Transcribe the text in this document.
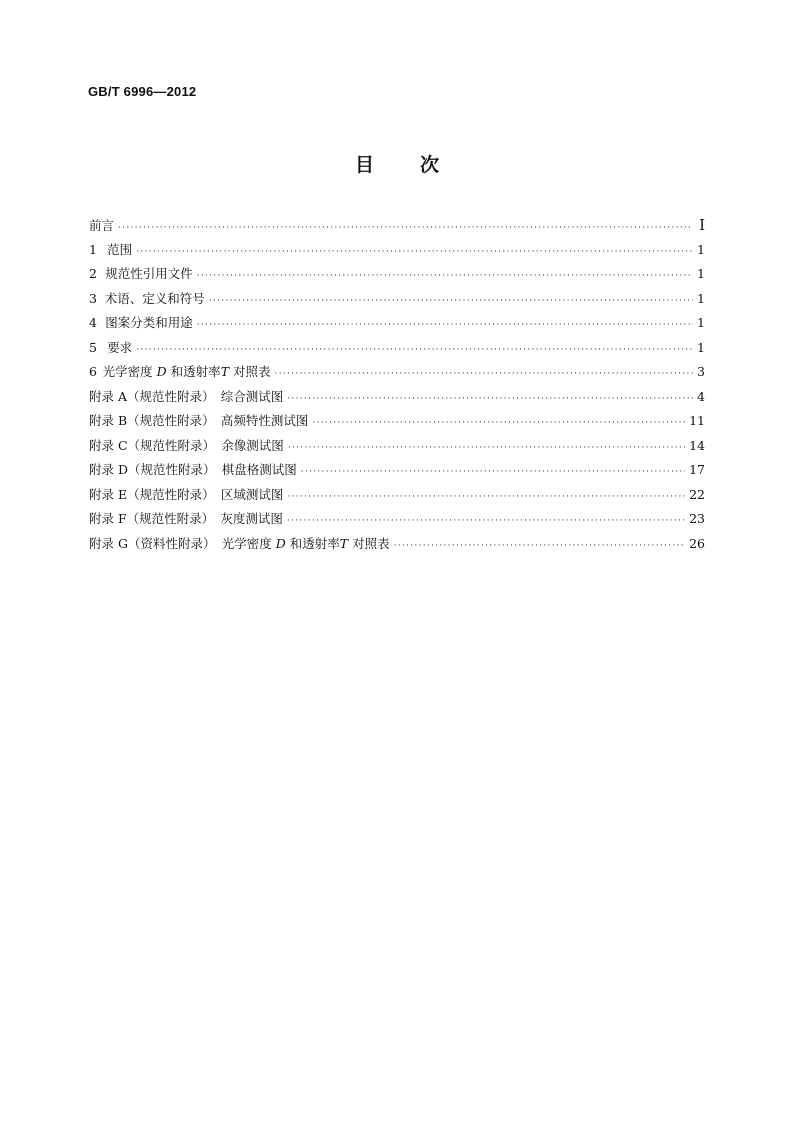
GB/T 6996—2012
目 次
前言 ·····	Ⅰ
1 范围 ·····	1
2 规范性引用文件 ·····	1
3 术语、定义和符号 ·····	1
4 图案分类和用途 ·····	1
5 要求 ·····	1
6 光学密度 D 和透射率T 对照表 ·····	3
附录 A（规范性附录）　综合测试图 ·····	4
附录 B（规范性附录）　高频特性测试图 ·····	11
附录 C（规范性附录）　余像测试图 ·····	14
附录 D（规范性附录）　棋盘格测试图 ·····	17
附录 E（规范性附录）　区域测试图 ·····	22
附录 F（规范性附录）　灰度测试图 ·····	23
附录 G（资料性附录）　光学密度 D 和透射率T 对照表 ·····	26
